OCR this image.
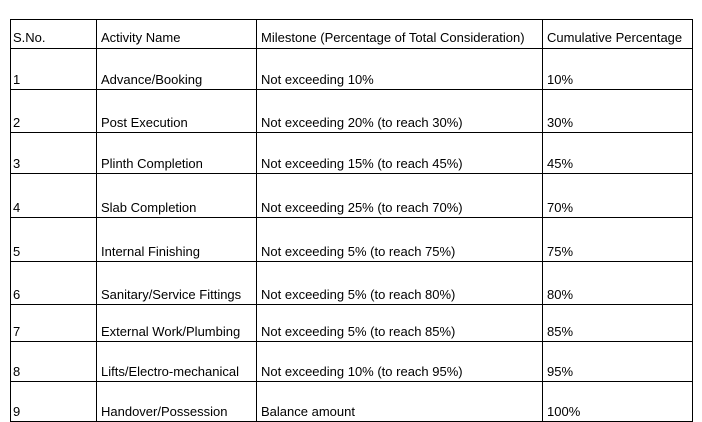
S.No.	Activity Name	Milestone (Percentage of Total Consideration)	Cumulative Percentage
1	Advance/Booking	Not exceeding 10%	10%
2	Post Execution	Not exceeding 20% (to reach 30%)	30%
3	Plinth Completion	Not exceeding 15% (to reach 45%)	45%
4	Slab Completion	Not exceeding 25% (to reach 70%)	70%
5	Internal Finishing	Not exceeding 5% (to reach 75%)	75%
6	Sanitary/Service Fittings	Not exceeding 5% (to reach 80%)	80%
7	External Work/Plumbing	Not exceeding 5% (to reach 85%)	85%
8	Lifts/Electro-mechanical	Not exceeding 10% (to reach 95%)	95%
9	Handover/Possession	Balance amount	100%
